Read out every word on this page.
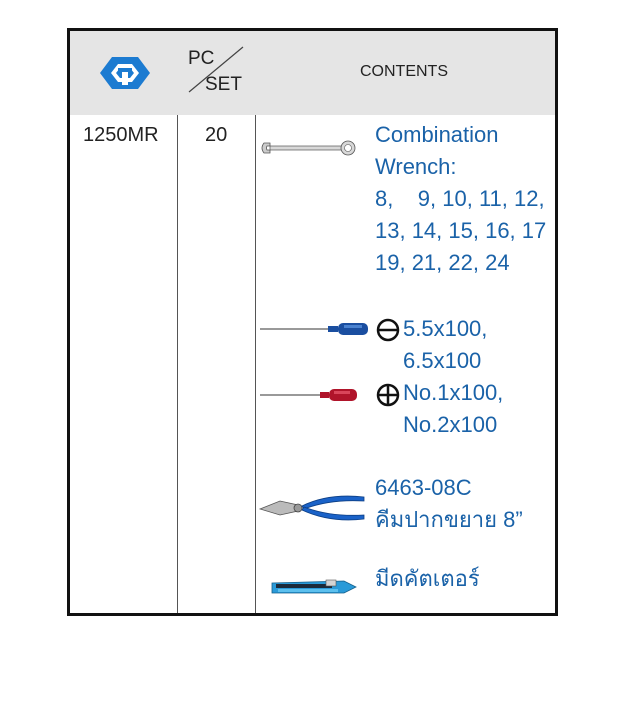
PC
SET
CONTENTS
1250MR 20	Combination
Wrench:
8,    9, 10, 11, 12,
13, 14, 15, 16, 17
19, 21, 22, 24
5.5x100,
6.5x100
No.1x100,
No.2x100
6463-08C
คีมปากขยาย 8”
มีดคัตเตอร์
